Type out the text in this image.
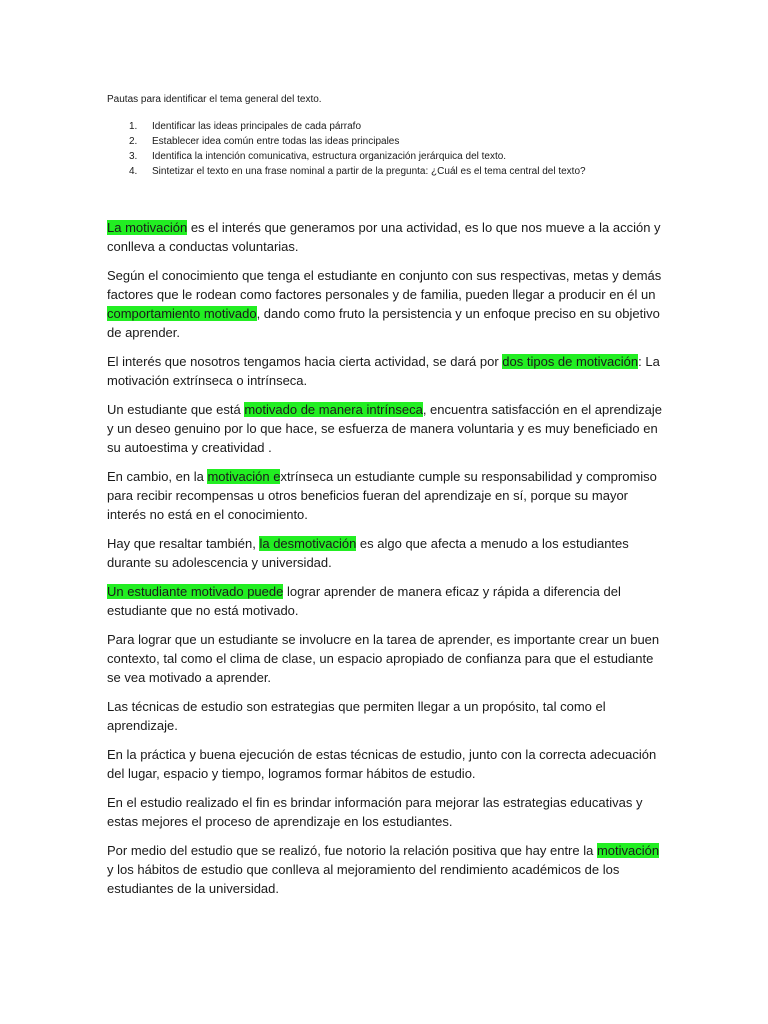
Pautas para identificar el tema general del texto.

1. Identificar las ideas principales de cada párrafo
2. Establecer idea común entre todas las ideas principales
3. Identifica la intención comunicativa, estructura organización jerárquica del texto.
4. Sintetizar el texto en una frase nominal a partir de la pregunta: ¿Cuál es el tema central del texto?

La motivación es el interés que generamos por una actividad, es lo que nos mueve a la acción y conlleva a conductas voluntarias.

Según el conocimiento que tenga el estudiante en conjunto con sus respectivas, metas y demás factores que le rodean como factores personales y de familia, pueden llegar a producir en él un comportamiento motivado, dando como fruto la persistencia y un enfoque preciso en su objetivo de aprender.

El interés que nosotros tengamos hacia cierta actividad, se dará por dos tipos de motivación: La motivación extrínseca o intrínseca.

Un estudiante que está motivado de manera intrínseca, encuentra satisfacción en el aprendizaje y un deseo genuino por lo que hace, se esfuerza de manera voluntaria y es muy beneficiado en su autoestima y creatividad .

En cambio, en la motivación extrínseca un estudiante cumple su responsabilidad y compromiso para recibir recompensas u otros beneficios fueran del aprendizaje en sí, porque su mayor interés no está en el conocimiento.

Hay que resaltar también, la desmotivación es algo que afecta a menudo a los estudiantes durante su adolescencia y universidad.

Un estudiante motivado puede lograr aprender de manera eficaz y rápida a diferencia del estudiante que no está motivado.

Para lograr que un estudiante se involucre en la tarea de aprender, es importante crear un buen contexto, tal como el clima de clase, un espacio apropiado de confianza para que el estudiante se vea motivado a aprender.

Las técnicas de estudio son estrategias que permiten llegar a un propósito, tal como el aprendizaje.

En la práctica y buena ejecución de estas técnicas de estudio, junto con la correcta adecuación del lugar, espacio y tiempo, logramos formar hábitos de estudio.

En el estudio realizado el fin es brindar información para mejorar las estrategias educativas y estas mejores el proceso de aprendizaje en los estudiantes.

Por medio del estudio que se realizó, fue notorio la relación positiva que hay entre la motivación y los hábitos de estudio que conlleva al mejoramiento del rendimiento académicos de los estudiantes de la universidad.
